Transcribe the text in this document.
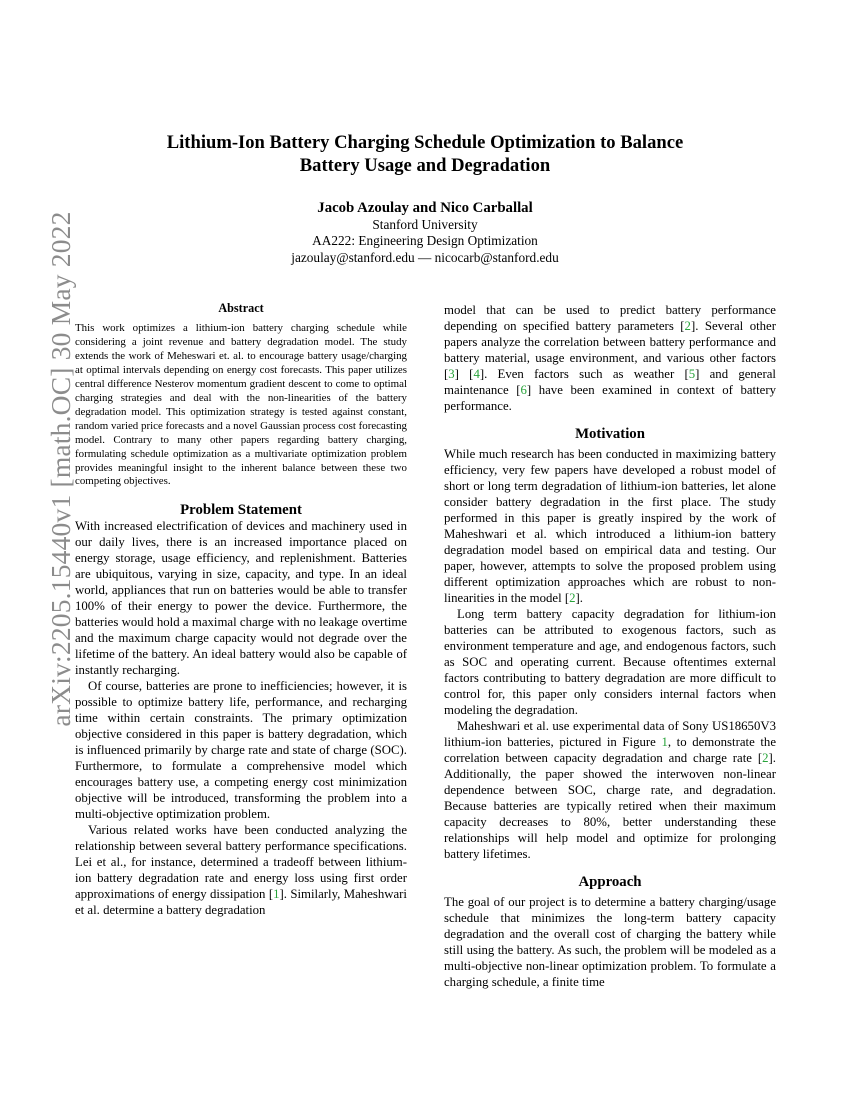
arXiv:2205.15440v1 [math.OC] 30 May 2022
Lithium-Ion Battery Charging Schedule Optimization to Balance
Battery Usage and Degradation
Jacob Azoulay and Nico Carballal
Stanford University
AA222: Engineering Design Optimization
jazoulay@stanford.edu — nicocarb@stanford.edu
Abstract

This work optimizes a lithium-ion battery charging schedule while considering a joint revenue and battery degradation model. The study extends the work of Meheswari et. al. to encourage battery usage/charging at optimal intervals depending on energy cost forecasts. This paper utilizes central difference Nesterov momentum gradient descent to come to optimal charging strategies and deal with the non-linearities of the battery degradation model. This optimization strategy is tested against constant, random varied price forecasts and a novel Gaussian process cost forecasting model. Contrary to many other papers regarding battery charging, formulating schedule optimization as a multivariate optimization problem provides meaningful insight to the inherent balance between these two competing objectives.

Problem Statement

With increased electrification of devices and machinery used in our daily lives, there is an increased importance placed on energy storage, usage efficiency, and replenishment. Batteries are ubiquitous, varying in size, capacity, and type. In an ideal world, appliances that run on batteries would be able to transfer 100% of their energy to power the device. Furthermore, the batteries would hold a maximal charge with no leakage overtime and the maximum charge capacity would not degrade over the lifetime of the battery. An ideal battery would also be capable of instantly recharging.

Of course, batteries are prone to inefficiencies; however, it is possible to optimize battery life, performance, and recharging time within certain constraints. The primary optimization objective considered in this paper is battery degradation, which is influenced primarily by charge rate and state of charge (SOC). Furthermore, to formulate a comprehensive model which encourages battery use, a competing energy cost minimization objective will be introduced, transforming the problem into a multi-objective optimization problem.

Various related works have been conducted analyzing the relationship between several battery performance specifications. Lei et al., for instance, determined a tradeoff between lithium-ion battery degradation rate and energy loss using first order approximations of energy dissipation [1]. Similarly, Maheshwari et al. determine a battery degradation

model that can be used to predict battery performance depending on specified battery parameters [2]. Several other papers analyze the correlation between battery performance and battery material, usage environment, and various other factors [3] [4]. Even factors such as weather [5] and general maintenance [6] have been examined in context of battery performance.

Motivation

While much research has been conducted in maximizing battery efficiency, very few papers have developed a robust model of short or long term degradation of lithium-ion batteries, let alone consider battery degradation in the first place. The study performed in this paper is greatly inspired by the work of Maheshwari et al. which introduced a lithium-ion battery degradation model based on empirical data and testing. Our paper, however, attempts to solve the proposed problem using different optimization approaches which are robust to non-linearities in the model [2].

Long term battery capacity degradation for lithium-ion batteries can be attributed to exogenous factors, such as environment temperature and age, and endogenous factors, such as SOC and operating current. Because oftentimes external factors contributing to battery degradation are more difficult to control for, this paper only considers internal factors when modeling the degradation.

Maheshwari et al. use experimental data of Sony US18650V3 lithium-ion batteries, pictured in Figure 1, to demonstrate the correlation between capacity degradation and charge rate [2]. Additionally, the paper showed the interwoven non-linear dependence between SOC, charge rate, and degradation. Because batteries are typically retired when their maximum capacity decreases to 80%, better understanding these relationships will help model and optimize for prolonging battery lifetimes.

Approach

The goal of our project is to determine a battery charging/usage schedule that minimizes the long-term battery capacity degradation and the overall cost of charging the battery while still using the battery. As such, the problem will be modeled as a multi-objective non-linear optimization problem. To formulate a charging schedule, a finite time
